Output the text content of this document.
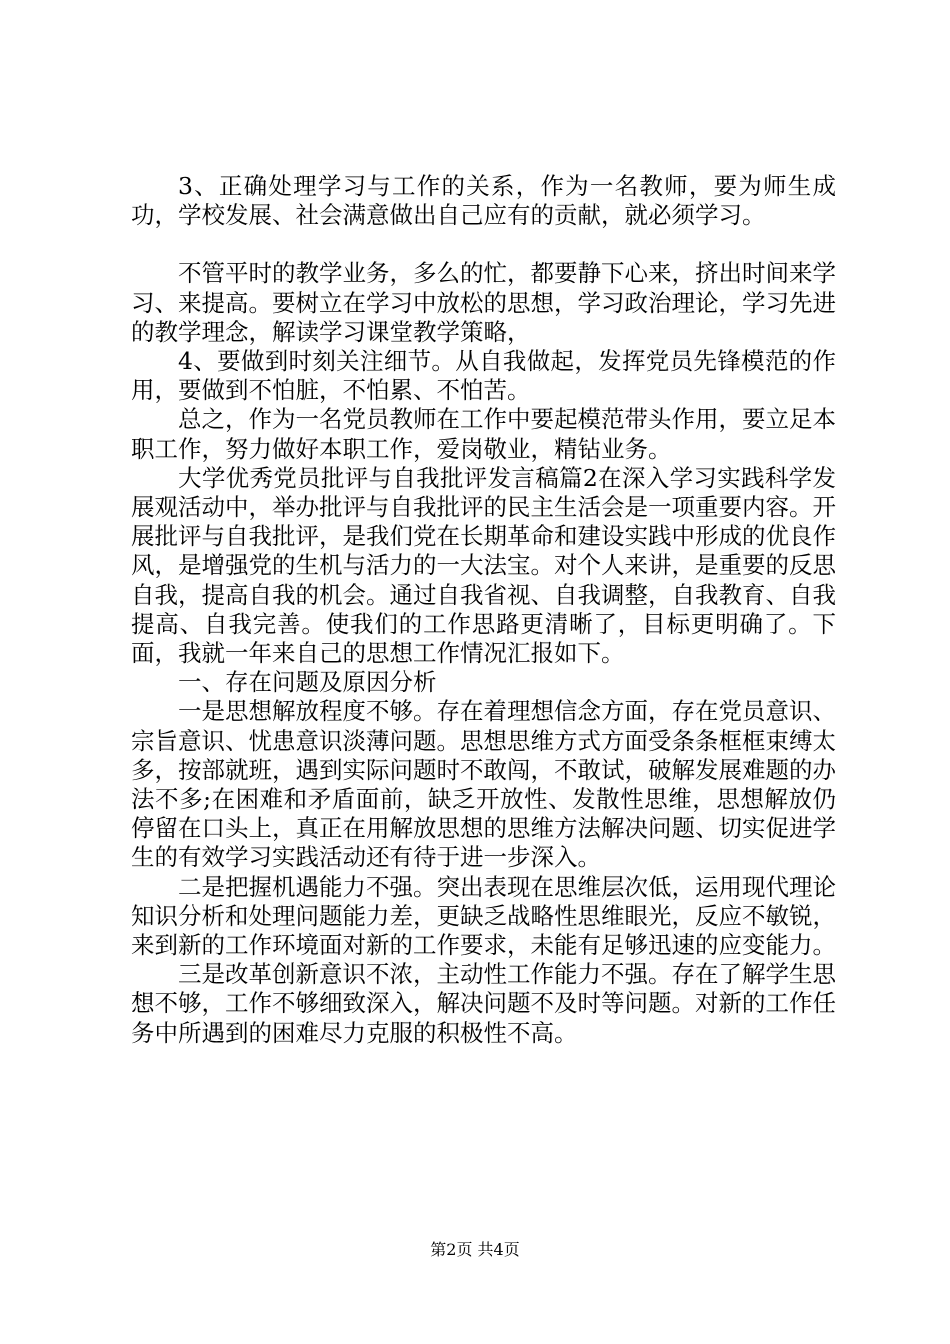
3、正确处理学习与工作的关系，作为一名教师，要为师生成功，学校发展、社会满意做出自己应有的贡献，就必须学习。

不管平时的教学业务，多么的忙，都要静下心来，挤出时间来学习、来提高。要树立在学习中放松的思想，学习政治理论，学习先进的教学理念，解读学习课堂教学策略，

4、要做到时刻关注细节。从自我做起，发挥党员先锋模范的作用，要做到不怕脏，不怕累、不怕苦。

总之，作为一名党员教师在工作中要起模范带头作用，要立足本职工作，努力做好本职工作，爱岗敬业，精钻业务。

大学优秀党员批评与自我批评发言稿篇2在深入学习实践科学发展观活动中，举办批评与自我批评的民主生活会是一项重要内容。开展批评与自我批评，是我们党在长期革命和建设实践中形成的优良作风，是增强党的生机与活力的一大法宝。对个人来讲，是重要的反思自我，提高自我的机会。通过自我省视、自我调整，自我教育、自我提高、自我完善。使我们的工作思路更清晰了，目标更明确了。下面，我就一年来自己的思想工作情况汇报如下。

一、存在问题及原因分析

一是思想解放程度不够。存在着理想信念方面，存在党员意识、宗旨意识、忧患意识淡薄问题。思想思维方式方面受条条框框束缚太多，按部就班，遇到实际问题时不敢闯，不敢试，破解发展难题的办法不多;在困难和矛盾面前，缺乏开放性、发散性思维，思想解放仍停留在口头上，真正在用解放思想的思维方法解决问题、切实促进学生的有效学习实践活动还有待于进一步深入。

二是把握机遇能力不强。突出表现在思维层次低，运用现代理论知识分析和处理问题能力差，更缺乏战略性思维眼光，反应不敏锐，来到新的工作环境面对新的工作要求，未能有足够迅速的应变能力。

三是改革创新意识不浓，主动性工作能力不强。存在了解学生思想不够，工作不够细致深入，解决问题不及时等问题。对新的工作任务中所遇到的困难尽力克服的积极性不高。

第2页 共4页
